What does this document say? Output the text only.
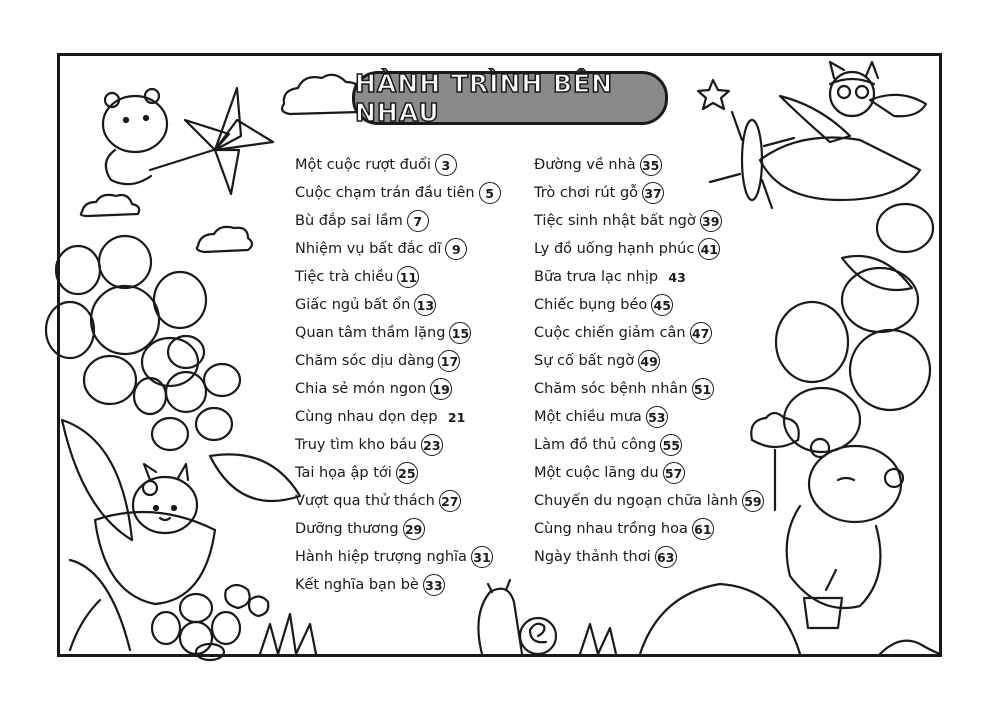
HÀNH TRÌNH BÊN NHAU
Một cuộc rượt đuổi 3
Cuộc chạm trán đầu tiên 5
Bù đắp sai lầm 7
Nhiệm vụ bất đắc dĩ 9
Tiệc trà chiều 11
Giấc ngủ bất ổn 13
Quan tâm thầm lặng 15
Chăm sóc dịu dàng 17
Chia sẻ món ngon 19
Cùng nhau dọn dẹp 21
Truy tìm kho báu 23
Tai họa ập tới 25
Vượt qua thử thách 27
Dưỡng thương 29
Hành hiệp trượng nghĩa 31
Kết nghĩa bạn bè 33
Đường về nhà 35
Trò chơi rút gỗ 37
Tiệc sinh nhật bất ngờ 39
Ly đồ uống hạnh phúc 41
Bữa trưa lạc nhịp 43
Chiếc bụng béo 45
Cuộc chiến giảm cân 47
Sự cố bất ngờ 49
Chăm sóc bệnh nhân 51
Một chiều mưa 53
Làm đồ thủ công 55
Một cuộc lãng du 57
Chuyến du ngoạn chữa lành 59
Cùng nhau trồng hoa 61
Ngày thảnh thơi 63
